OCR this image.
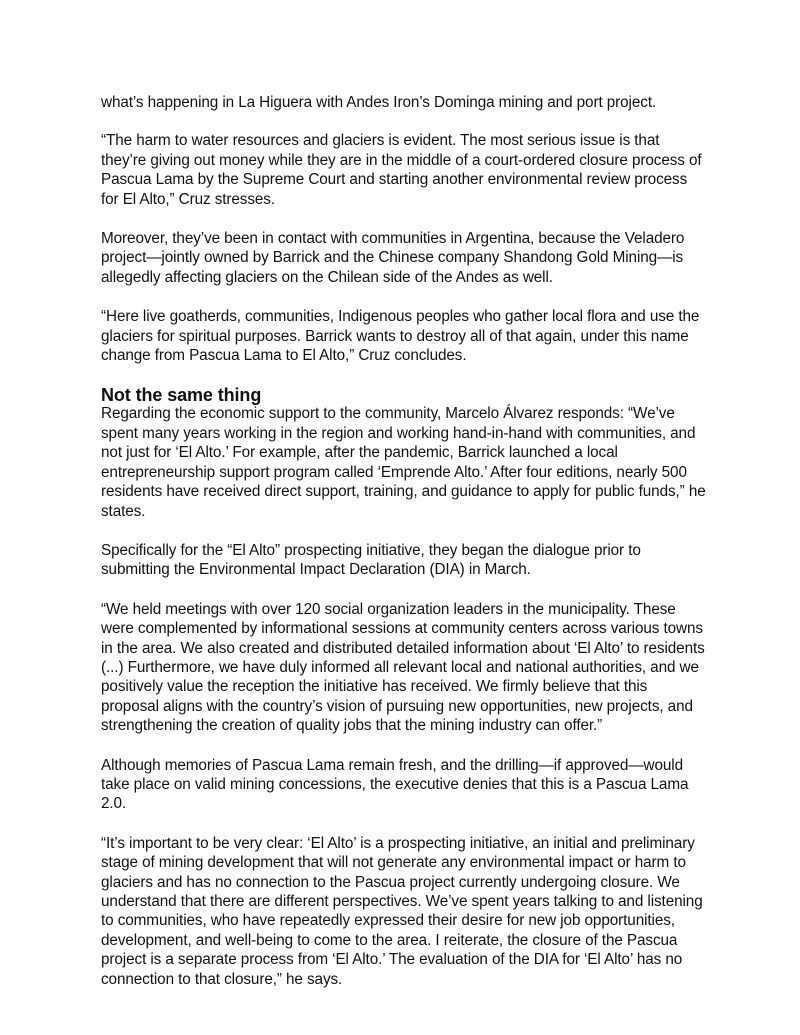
what’s happening in La Higuera with Andes Iron’s Dominga mining and port project.

“The harm to water resources and glaciers is evident. The most serious issue is that they’re giving out money while they are in the middle of a court-ordered closure process of Pascua Lama by the Supreme Court and starting another environmental review process for El Alto,” Cruz stresses.

Moreover, they’ve been in contact with communities in Argentina, because the Veladero project—jointly owned by Barrick and the Chinese company Shandong Gold Mining—is allegedly affecting glaciers on the Chilean side of the Andes as well.

“Here live goatherds, communities, Indigenous peoples who gather local flora and use the glaciers for spiritual purposes. Barrick wants to destroy all of that again, under this name change from Pascua Lama to El Alto,” Cruz concludes.

Not the same thing

Regarding the economic support to the community, Marcelo Álvarez responds: “We’ve spent many years working in the region and working hand-in-hand with communities, and not just for ‘El Alto.’ For example, after the pandemic, Barrick launched a local entrepreneurship support program called ‘Emprende Alto.’ After four editions, nearly 500 residents have received direct support, training, and guidance to apply for public funds,” he states.

Specifically for the “El Alto” prospecting initiative, they began the dialogue prior to submitting the Environmental Impact Declaration (DIA) in March.

“We held meetings with over 120 social organization leaders in the municipality. These were complemented by informational sessions at community centers across various towns in the area. We also created and distributed detailed information about ‘El Alto’ to residents (...) Furthermore, we have duly informed all relevant local and national authorities, and we positively value the reception the initiative has received. We firmly believe that this proposal aligns with the country’s vision of pursuing new opportunities, new projects, and strengthening the creation of quality jobs that the mining industry can offer.”

Although memories of Pascua Lama remain fresh, and the drilling—if approved—would take place on valid mining concessions, the executive denies that this is a Pascua Lama 2.0.

“It’s important to be very clear: ‘El Alto’ is a prospecting initiative, an initial and preliminary stage of mining development that will not generate any environmental impact or harm to glaciers and has no connection to the Pascua project currently undergoing closure. We understand that there are different perspectives. We’ve spent years talking to and listening to communities, who have repeatedly expressed their desire for new job opportunities, development, and well-being to come to the area. I reiterate, the closure of the Pascua project is a separate process from ‘El Alto.’ The evaluation of the DIA for ‘El Alto’ has no connection to that closure,” he says.
